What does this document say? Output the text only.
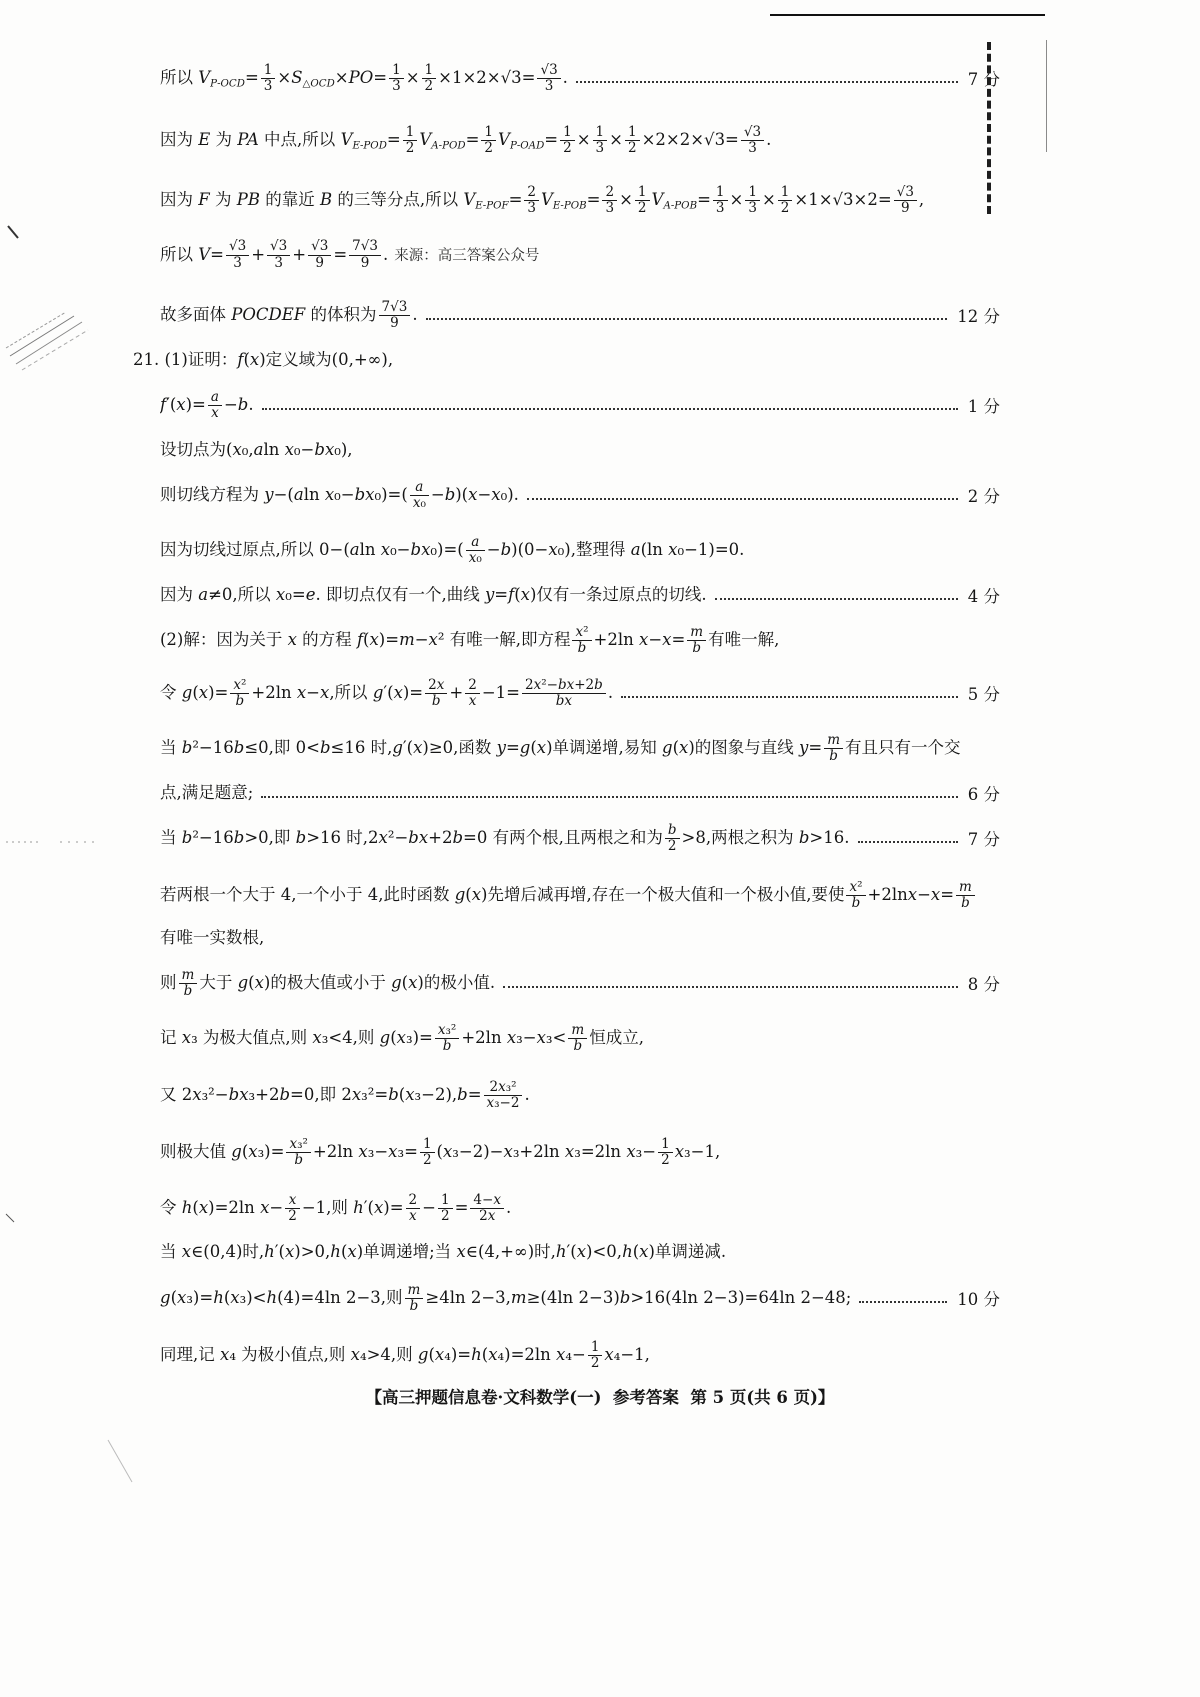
所以 $V_{P-OCD}= \frac{1}{3} \times S_{\triangle OCD}\times PO= \frac{1}{3} \times \frac{1}{2} \times 1\times 2\times√3= \frac{√3}{3}$ .	7 分
因为 E 为 PA 中点,所以 $V_{E-POD}= \frac{1}{2} V_{A-POD}= \frac{1}{2} V_{P-OAD}= \frac{1}{2} \times \frac{1}{3} \times \frac{1}{2} \times 2\times 2\times√3= \frac{√3}{3}$ .
因为 F 为 PB 的靠近 B 的三等分点,所以 $V_{E-POF}= \frac{2}{3} V_{E-POB}= \frac{2}{3} \times \frac{1}{2} V_{A-POB}= \frac{1}{3} \times \frac{1}{3} \times \frac{1}{2} \times 1\times√3\times 2= \frac{√3}{9}$ ,
所以 $V= \frac{√3}{3} + \frac{√3}{3} + \frac{√3}{9} = \frac{7√3}{9}$ . 来源：高三答案公众号
故多面体 POCDEF 的体积为 $\frac{7√3}{9}$ .	12 分
21. (1)证明：f(x)定义域为(0,+∞),
$f'(x)= \frac{a}{x} -b$.	1 分
设切点为(x₀,aln x₀−bx₀),
则切线方程为 y−(aln $x_0-bx_0)=( \frac{a}{\text{x₀}} -b)(x-x_0)$.	2 分
因为切线过原点,所以 0−(aln $x_0-bx_0)=( \frac{a}{\text{x₀}} -b)(0-x_0)$,整理得 a(ln x₀−1)=0.
因为 a≠0,所以 x₀=e. 即切点仅有一个,曲线 y=f(x)仅有一条过原点的切线.	4 分
(2)解：因为关于 x 的方程 f(x)=m−x² 有唯一解,即方程 $\frac{\text{x²}}{b} +2\ln$ $x-x= \frac{m}{b}$ 有唯一解,
令 $g(x)= \frac{\text{x²}}{b} +2\ln$ x−x,所以 $g'(x)= \frac{2x}{b} + \frac{2}{x} -1= \frac{\text{2x²−bx+2b}}{bx}$ .	5 分
当 b²−16b≤0,即 0<b≤16 时,g′(x)≥0,函数 y=g(x)单调递增,易知 g(x)的图象与直线 $y= \frac{m}{b}$ 有且只有一个交
点,满足题意;	6 分
当 b²−16b>0,即 b>16 时,2x²−bx+2b=0 有两个根,且两根之和为 $\frac{b}{2} >8$,两根之积为 b>16.	7 分
若两根一个大于 4,一个小于 4,此时函数 g(x)先增后减再增,存在一个极大值和一个极小值,要使 $\frac{\text{x²}}{b} +2\ln x-x= \frac{m}{b}$
有唯一实数根,
则 $\frac{m}{b}$ 大于 g(x)的极大值或小于 g(x)的极小值.	8 分
记 x₃ 为极大值点,则 x₃<4,则 $g(x_3)= \frac{\text{x₃²}}{b} +2\ln$ $x_3-x_3< \frac{m}{b}$ 恒成立,
又 2x₃²−bx₃+2b=0,即 $2x_3^2=b(x_3-2),b= \frac{\text{2x₃²}}{\text{x₃−2}}$ .
则极大值 $g(x_3)= \frac{\text{x₃²}}{b} +2\ln$ $x_3-x_3= \frac{1}{2} (x_3-2)-x_3+2\ln$ x₃=2ln $x_3- \frac{1}{2} x_3-1$,
令 h(x)=2ln $x- \frac{x}{2} -1$,则 $h'(x)= \frac{2}{x} - \frac{1}{2} = \frac{4-x}{2x}$ .
当 x∈(0,4)时,h′(x)>0,h(x)单调递增;当 x∈(4,+∞)时,h′(x)<0,h(x)单调递减.
g(x₃)=h(x₃)<h(4)=4ln 2−3,则 $\frac{m}{b} \ge 4\ln$ 2−3,m≥(4ln 2−3)b>16(4ln 2−3)=64ln 2−48;	10 分
同理,记 x₄ 为极小值点,则 x₄>4,则 g(x₄)=h(x₄)=2ln $x_4- \frac{1}{2} x_4-1$,
【高三押题信息卷·文科数学(一)  参考答案  第 5 页(共 6 页)】
